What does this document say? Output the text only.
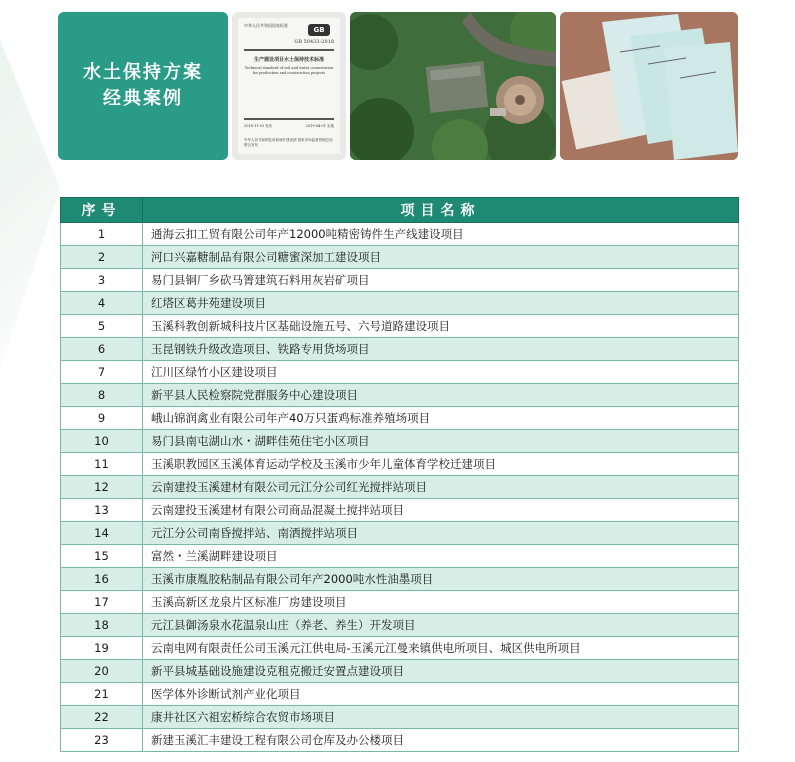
水土保持方案
经典案例
中华人民共和国国家标准
GB
GB 50433-2018
生产建设项目水土保持技术标准
Technical standard of soil and water conservation for production and construction projects
2018-11-01 发布	2019-04-01 实施
中华人民共和国住房和城乡建设部 国家市场监督管理总局 联合发布
序号	项目名称
1	通海云扣工贸有限公司年产12000吨精密铸件生产线建设项目
2	河口兴嘉糖制品有限公司糖蜜深加工建设项目
3	易门县铜厂乡砍马箐建筑石料用灰岩矿项目
4	红塔区葛井苑建设项目
5	玉溪科教创新城科技片区基础设施五号、六号道路建设项目
6	玉昆钢铁升级改造项目、铁路专用货场项目
7	江川区绿竹小区建设项目
8	新平县人民检察院党群服务中心建设项目
9	峨山锦润禽业有限公司年产40万只蛋鸡标准养殖场项目
10	易门县南屯湖山水・湖畔佳苑住宅小区项目
11	玉溪职教园区玉溪体育运动学校及玉溪市少年儿童体育学校迁建项目
12	云南建投玉溪建材有限公司元江分公司红光搅拌站项目
13	云南建投玉溪建材有限公司商品混凝土搅拌站项目
14	元江分公司南昏搅拌站、南洒搅拌站项目
15	富然・兰溪湖畔建设项目
16	玉溪市康胤胶粘制品有限公司年产2000吨水性油墨项目
17	玉溪高新区龙泉片区标准厂房建设项目
18	元江县御汤泉水花温泉山庄（养老、养生）开发项目
19	云南电网有限责任公司玉溪元江供电局-玉溪元江曼来镇供电所项目、城区供电所项目
20	新平县城基础设施建设克租克搬迁安置点建设项目
21	医学体外诊断试剂产业化项目
22	康井社区六祖宏桥综合农贸市场项目
23	新建玉溪汇丰建设工程有限公司仓库及办公楼项目
